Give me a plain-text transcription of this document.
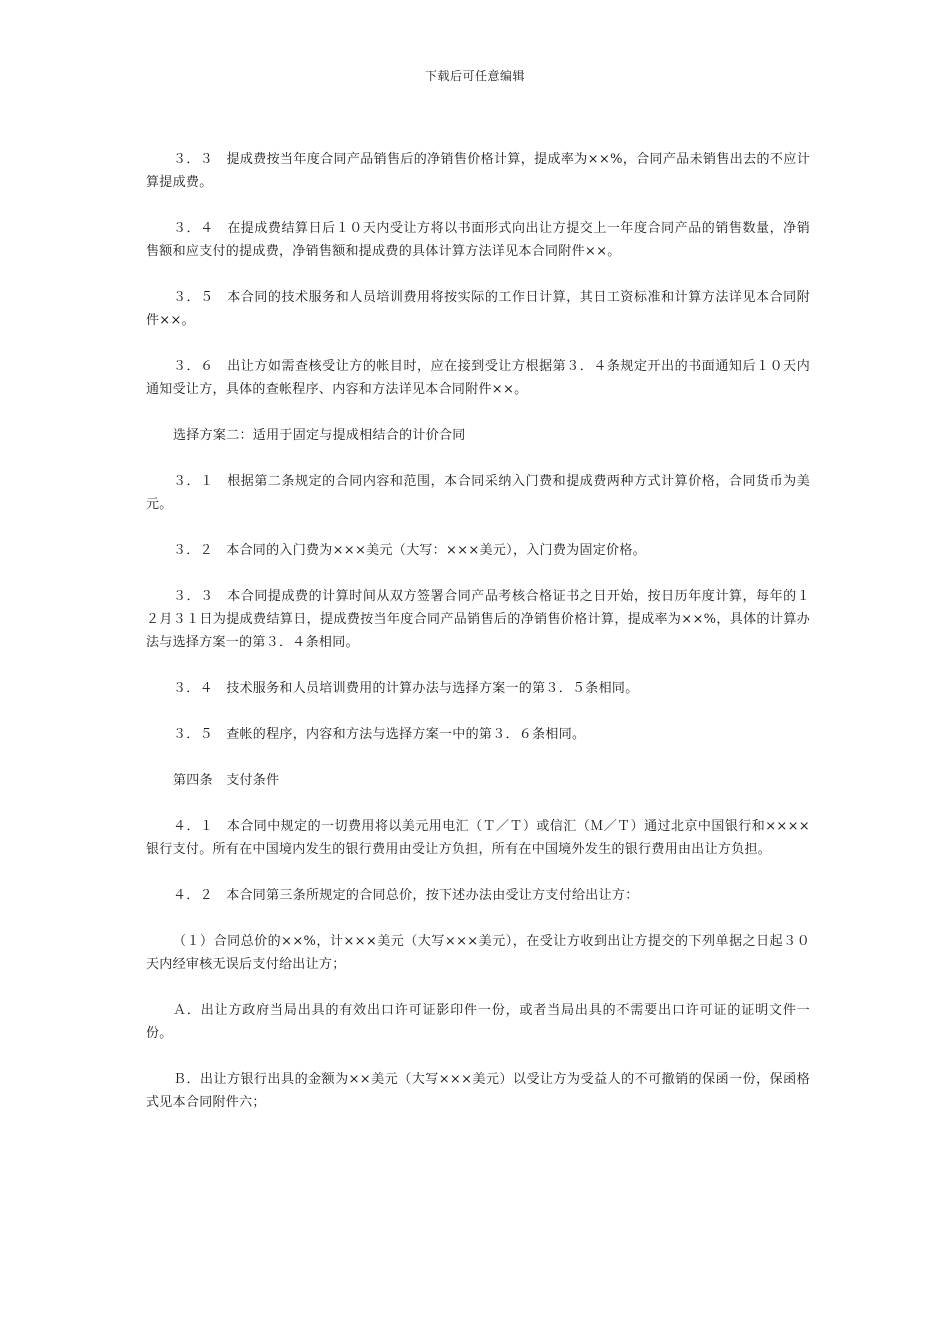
下载后可任意编辑

３．３　提成费按当年度合同产品销售后的净销售价格计算，提成率为××%，合同产品未销售出去的不应计算提成费。

３．４　在提成费结算日后１０天内受让方将以书面形式向出让方提交上一年度合同产品的销售数量，净销售额和应支付的提成费，净销售额和提成费的具体计算方法详见本合同附件××。

３．５　本合同的技术服务和人员培训费用将按实际的工作日计算，其日工资标准和计算方法详见本合同附件××。

３．６　出让方如需查核受让方的帐目时，应在接到受让方根据第３．４条规定开出的书面通知后１０天内通知受让方，具体的查帐程序、内容和方法详见本合同附件××。

选择方案二：适用于固定与提成相结合的计价合同

３．１　根据第二条规定的合同内容和范围，本合同采纳入门费和提成费两种方式计算价格，合同货币为美元。

３．２　本合同的入门费为×××美元（大写：×××美元），入门费为固定价格。

３．３　本合同提成费的计算时间从双方签署合同产品考核合格证书之日开始，按日历年度计算，每年的１２月３１日为提成费结算日，提成费按当年度合同产品销售后的净销售价格计算，提成率为××%，具体的计算办法与选择方案一的第３．４条相同。

３．４　技术服务和人员培训费用的计算办法与选择方案一的第３．５条相同。

３．５　查帐的程序，内容和方法与选择方案一中的第３．６条相同。

第四条　支付条件

４．１　本合同中规定的一切费用将以美元用电汇（Ｔ／Ｔ）或信汇（Ｍ／Ｔ）通过北京中国银行和××××银行支付。所有在中国境内发生的银行费用由受让方负担，所有在中国境外发生的银行费用由出让方负担。

４．２　本合同第三条所规定的合同总价，按下述办法由受让方支付给出让方：

（１）合同总价的××%，计×××美元（大写×××美元），在受让方收到出让方提交的下列单据之日起３０天内经审核无误后支付给出让方；

Ａ．出让方政府当局出具的有效出口许可证影印件一份，或者当局出具的不需要出口许可证的证明文件一份。

Ｂ．出让方银行出具的金额为××美元（大写×××美元）以受让方为受益人的不可撤销的保函一份，保函格式见本合同附件六；
